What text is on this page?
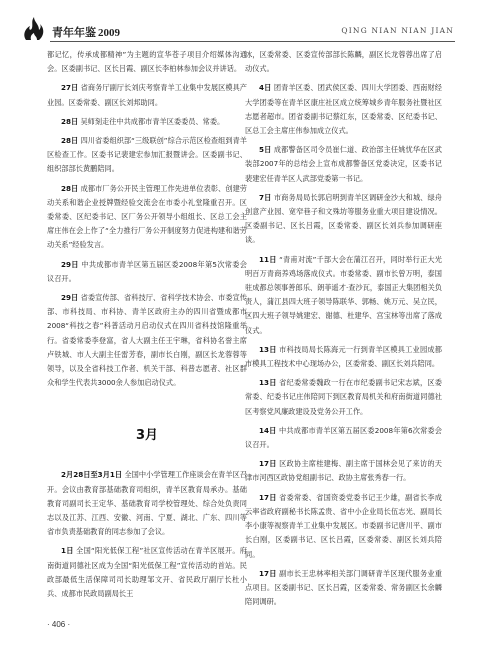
青年年鉴 2009	QING NIAN NIAN JIAN

都记忆，传承成都精神”为主题的宣华苍子项目介绍媒体沟通会。区委副书记、区长吕霞、副区长李柏林参加会议并讲话。

27日 省商务厅副厅长刘庆考察青羊工业集中发展区模具产业园。区委常委、副区长刘邦助同。

28日 吴师刻走往中共成都市青羊区委委员、常委。

28日 四川省委组织部“三级联创”综合示范区检查组到青羊区检查工作。区委书记裴建宏参加汇报暨讲会。区委副书记、组织部部长黄鹏陪同。

28日 成都市厂务公开民主管理工作先进单位表彰、创建劳动关系和谐企业授牌暨经验交流会在市委小礼堂隆重召开。区委常委、区纪委书记、区厂务公开领导小组组长、区总工会主席庄伟在会上作了“全力推行厂务公开制度努力促进构建和谐劳动关系”经验发言。

29日 中共成都市青羊区第五届区委2008年第5次常委会议召开。

29日 省委宣传部、省科技厅、省科学技术协会、市委宣传部、市科技局、市科协、青羊区政府主办的四川省暨成都市2008“科技之春”科普活动月启动仪式在四川省科技馆隆重举行。省委常委李登富，省人大副主任王宇琳，省科协名誉主席卢铁城、市人大副主任雷芳春，副市长白刚，副区长龙蓉蓉等领导，以及全省科技工作者、机关干部、科普志愿者、社区群众和学生代表共3000余人参加启动仪式。

3月

2月28日至3月1日 全国中小学管理工作座谈会在青羊区召开。会议由教育部基础教育司组织，青羊区教育局承办。基础教育司副司长王定华、基础教育司学校管理处、综合处负责同志以及江苏、江西、安徽、河南、宁夏、湖北、广东、四川等省市负责基础教育的同志参加了会议。

1日 全国“阳光低保工程”社区宣传活动在青羊区展开。府南街道同德社区成为全国“阳光低保工程”宣传活动的首站。民政部最低生活保障司司长助理邹文开、省民政厅副厅长杜小兵、成都市民政局副局长王

冰，区委常委、区委宣传部部长陈麟，副区长龙蓉蓉出席了启动仪式。

4日 团青羊区委、团武侯区委、四川大学团委、西南财经大学团委等在青羊区康庄社区成立统筹城乡青年服务社暨社区志愿者超市。团省委副书记蔡红东，区委常委、区纪委书记、区总工会主席庄伟参加成立仪式。

5日 成都警备区司令员崔仁道、政治部主任姚忧华在区武装部2007年的总结会上宣布成都警备区党委决定，区委书记裴建宏任青羊区人武部党委第一书记。

7日 市商务局局长郭启明到青羊区调研金沙大和城、绿舟创意产业园、宽窄巷子和文殊坊等服务业重大项目建设情况。区委副书记、区长吕霞，区委常委、副区长刘兵参加调研座谈。

11日 “青甫对流”千部大会在蒲江召开，同时举行正大光明百万青商养鸡场落成仪式。市委常委、副市长曾万明，泰国驻成都总领事善郎乐、朗菲遥才·查沙瓦，泰国正大集团相关负责人，蒲江县四大班子领导陈联华、郭畅、姚万元、吴立民，区四大班子领导姚建宏、谢德、杜建华、宫宝林等出席了落成仪式。

13日 市科技局局长陈海元一行到青羊区模具工业园成都市模具工程技术中心现场办公，区委常委、副区长刘兵陪同。

13日 省纪委常委魏政一行在市纪委副书记宋志斌，区委常委、纪委书记庄伟陪同下到区教育局机关和府南街道同德社区考察党风廉政建设及党务公开工作。

14日 中共成都市青羊区第五届区委2008年第6次常委会议召开。

17日 区政协主席桂建梅、副主席于国林会见了来访的天津市河西区政协党组副书记、政协主席张秀春一行。

17日 省委常委、省国资委党委书记王少雄，副省长李成云率省政府副秘书长陈孟贵、省中小企业局长伍志光、副局长李小康等视察青羊工业集中发展区。市委副书记唐川平、副市长白刚，区委副书记、区长吕霞，区委常委、副区长刘兵陪同。

17日 副市长王忠林率相关部门调研青羊区现代服务业重点项目。区委副书记、区长吕霞，区委常委、常务副区长余麟陪同调研。

· 406 ·
